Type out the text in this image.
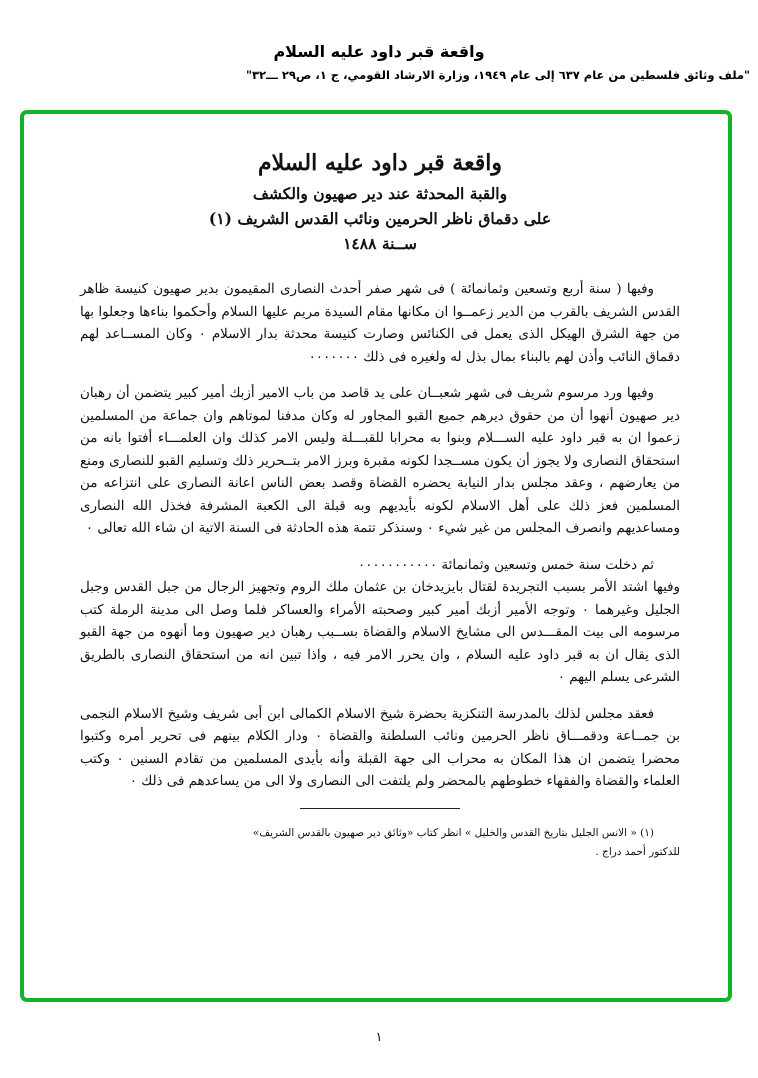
واقعة قبر داود عليه السلام
"ملف وثائق فلسطين من عام ٦٣٧ إلى عام ١٩٤٩، وزارة الارشاد القومي، ج ١، ص٢٩ ـــ٣٢"

واقعة قبر داود عليه السلام

والقبة المحدثة عند دير صهيون والكشف

على دقماق ناظر الحرمين ونائب القدس الشريف (١)

ســنة ١٤٨٨

وفيها ( سنة أربع وتسعين وثمانمائة ) فى شهر صفر أحدث النصارى المقيمون بدير صهيون كنيسة ظاهر القدس الشريف بالقرب من الدير زعمــوا ان مكانها مقام السيدة مريم عليها السلام وأحكموا بناءها وجعلوا بها من جهة الشرق الهيكل الذى يعمل فى الكنائس وصارت كنيسة محدثة بدار الاسلام ٠ وكان المســاعد لهم دقماق النائب وأذن لهم بالبناء بمال بذل له ولغيره فى ذلك ٠٠٠٠٠٠٠

وفيها ورد مرسوم شريف فى شهر شعبــان على يد قاصد من باب الامير أزبك أمير كبير يتضمن أن رهبان دير صهيون أنهوا أن من حقوق ديرهم جميع القبو المجاور له وكان مدفنا لموتاهم وان جماعة من المسلمين زعموا ان به قبر داود عليه الســـلام وبنوا به محرابا للقبـــلة وليس الامر كذلك وان العلمـــاء أفتوا بانه من استحقاق النصارى ولا يجوز أن يكون مســجدا لكونه مقبرة وبرز الامر بتــحرير ذلك وتسليم القبو للنصارى ومنع من يعارضهم ، وعقد مجلس بدار النيابة يحضره القضاة وقصد بعض الناس اعانة النصارى على انتزاعه من المسلمين فعز ذلك على أهل الاسلام لكونه بأيديهم وبه قبلة الى الكعبة المشرفة فخذل الله النصارى ومساعديهم وانصرف المجلس من غير شيء ٠ وسنذكر تتمة هذه الحادثة فى السنة الاتية ان شاء الله تعالى ٠

ثم دخلت سنة خمس وتسعين وثمانمائة ٠٠٠٠٠٠٠٠٠٠٠

وفيها اشتد الأمر بسبب التجريدة لقتال بايزيدخان بن عثمان ملك الروم وتجهيز الرجال من جبل القدس وجبل الجليل وغيرهما ٠ وتوجه الأمير أزبك أمير كبير وصحبته الأمراء والعساكر فلما وصل الى مدينة الرملة كتب مرسومه الى بيت المقـــدس الى مشايخ الاسلام والقضاة بســبب رهبان دير صهيون وما أنهوه من جهة القبو الذى يقال ان به قبر داود عليه السلام ، وان يحرر الامر فيه ، واذا تبين انه من استحقاق النصارى بالطريق الشرعى يسلم اليهم ٠

فعقد مجلس لذلك بالمدرسة التنكزية بحضرة شيخ الاسلام الكمالى ابن أبى شريف وشيخ الاسلام النجمى بن جمــاعة ودقمـــاق ناظر الحرمين ونائب السلطنة والقضاة ٠ ودار الكلام بينهم فى تحرير أمره وكتبوا محضرا يتضمن ان هذا المكان به محراب الى جهة القبلة وأنه بأيدى المسلمين من تقادم السنين ٠ وكتب العلماء والقضاة والفقهاء خطوطهم بالمحضر ولم يلتفت الى النصارى ولا الى من يساعدهم فى ذلك ٠

(١) « الانس الجليل بتاريخ القدس والخليل » انظر كتاب «وثائق دير صهيون بالقدس الشريف»

للدكتور أحمد دراج .

١
